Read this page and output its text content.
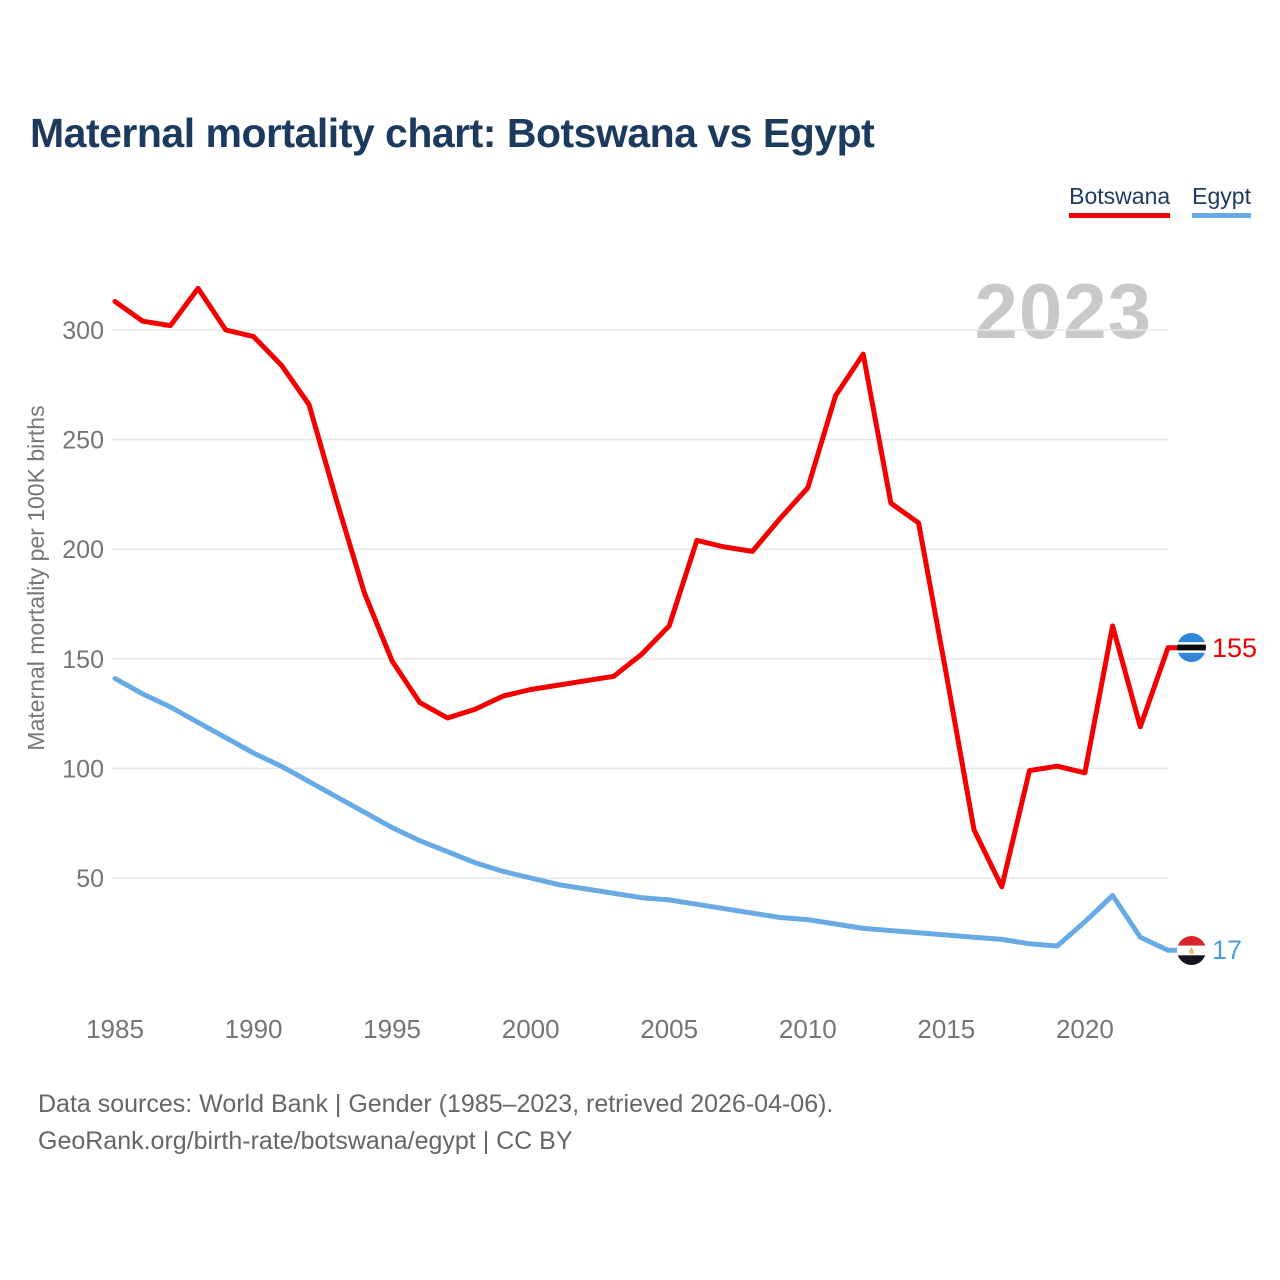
Maternal mortality chart: Botswana vs Egypt
Botswana Egypt
2023
50
100
150
200
250
300
1985	1990	1995	2000	2005	2010	2015	2020
Maternal mortality per 100K births	155
17
Data sources: World Bank | Gender (1985–2023, retrieved 2026-04-06).
GeoRank.org/birth-rate/botswana/egypt | CC BY
